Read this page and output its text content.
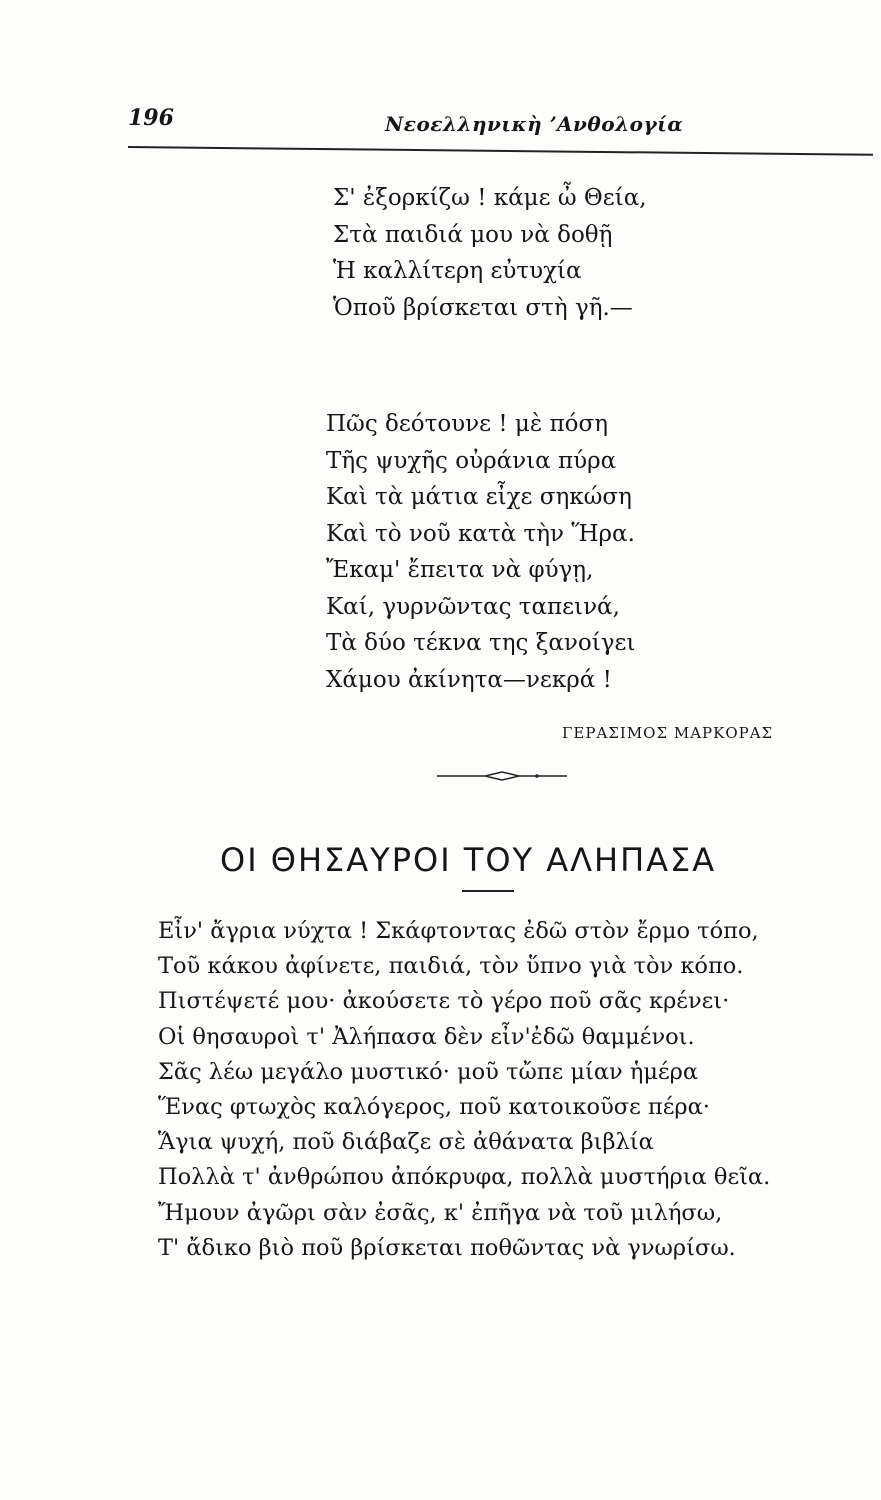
196	Νεοελληνικὴ ʼΑνθολογία
Σ' ἐξορκίζω ! κάμε ὦ Θεία,
Στὰ παιδιά μου νὰ δοθῇ
Ἡ καλλίτερη εὐτυχία
Ὁποῦ βρίσκεται στὴ γῆ.—
Πῶς δεότουνε ! μὲ πόση
Τῆς ψυχῆς οὐράνια πύρα
Καὶ τὰ μάτια εἶχε σηκώση
Καὶ τὸ νοῦ κατὰ τὴν Ἥρα.
Ἔκαμ' ἔπειτα νὰ φύγῃ,
Καί, γυρνῶντας ταπεινά,
Τὰ δύο τέκνα της ξανοίγει
Χάμου ἀκίνητα—νεκρά !
ΓΕΡΑΣΙΜΟΣ ΜΑΡΚΟΡΑΣ
ΟΙ ΘΗΣΑΥΡΟΙ ΤΟΥ ΑΛΗΠΑΣΑ
Εἶν' ἄγρια νύχτα ! Σκάφτοντας ἐδῶ στὸν ἔρμο τόπο,
Τοῦ κάκου ἀφίνετε, παιδιά, τὸν ὕπνο γιὰ τὸν κόπο.
Πιστέψετέ μου· ἀκούσετε τὸ γέρο ποῦ σᾶς κρένει·
Οἱ θησαυροὶ τ' Ἀλήπασα δὲν εἶν'ἐδῶ θαμμένοι.
Σᾶς λέω μεγάλο μυστικό· μοῦ τὤπε μίαν ἡμέρα
Ἕνας φτωχὸς καλόγερος, ποῦ κατοικοῦσε πέρα·
Ἅγια ψυχή, ποῦ διάβαζε σὲ ἀθάνατα βιβλία
Πολλὰ τ' ἀνθρώπου ἀπόκρυφα, πολλὰ μυστήρια θεῖα.
Ἤμουν ἀγῶρι σὰν ἐσᾶς, κ' ἐπῆγα νὰ τοῦ μιλήσω,
Τ' ἄδικο βιὸ ποῦ βρίσκεται ποθῶντας νὰ γνωρίσω.
